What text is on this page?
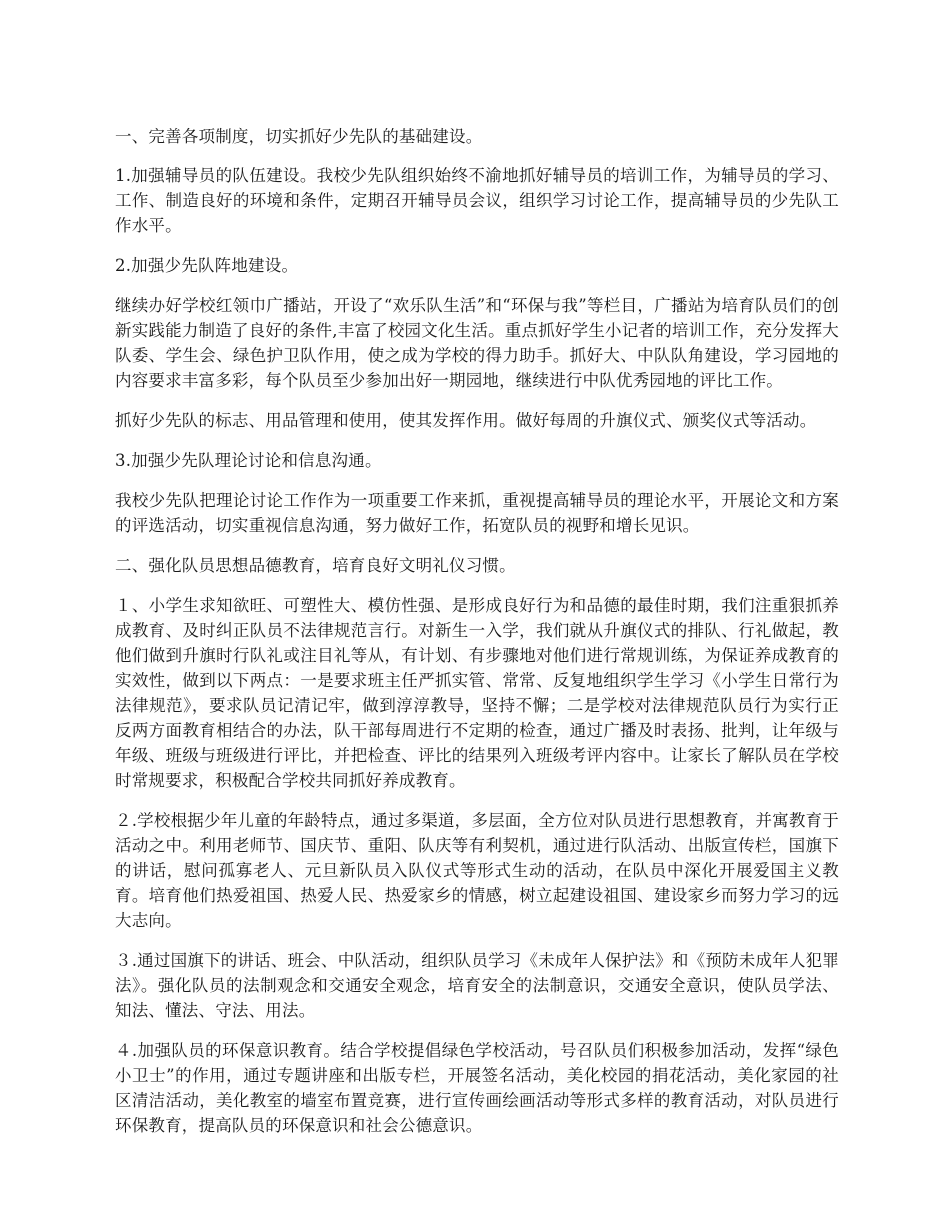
一、完善各项制度，切实抓好少先队的基础建设。

1.加强辅导员的队伍建设。我校少先队组织始终不渝地抓好辅导员的培训工作，为辅导员的学习、工作、制造良好的环境和条件，定期召开辅导员会议，组织学习讨论工作，提高辅导员的少先队工作水平。

2.加强少先队阵地建设。

继续办好学校红领巾广播站，开设了“欢乐队生活”和“环保与我”等栏目，广播站为培育队员们的创新实践能力制造了良好的条件,丰富了校园文化生活。重点抓好学生小记者的培训工作，充分发挥大队委、学生会、绿色护卫队作用，使之成为学校的得力助手。抓好大、中队队角建设，学习园地的内容要求丰富多彩，每个队员至少参加出好一期园地，继续进行中队优秀园地的评比工作。

抓好少先队的标志、用品管理和使用，使其发挥作用。做好每周的升旗仪式、颁奖仪式等活动。

3.加强少先队理论讨论和信息沟通。

我校少先队把理论讨论工作作为一项重要工作来抓，重视提高辅导员的理论水平，开展论文和方案的评选活动，切实重视信息沟通，努力做好工作，拓宽队员的视野和增长见识。

二、强化队员思想品德教育，培育良好文明礼仪习惯。

１、小学生求知欲旺、可塑性大、模仿性强、是形成良好行为和品德的最佳时期，我们注重狠抓养成教育、及时纠正队员不法律规范言行。对新生一入学，我们就从升旗仪式的排队、行礼做起，教他们做到升旗时行队礼或注目礼等从，有计划、有步骤地对他们进行常规训练，为保证养成教育的实效性，做到以下两点：一是要求班主任严抓实管、常常、反复地组织学生学习《小学生日常行为法律规范》，要求队员记清记牢，做到淳淳教导，坚持不懈；二是学校对法律规范队员行为实行正反两方面教育相结合的办法，队干部每周进行不定期的检查，通过广播及时表扬、批判，让年级与年级、班级与班级进行评比，并把检查、评比的结果列入班级考评内容中。让家长了解队员在学校时常规要求，积极配合学校共同抓好养成教育。

２.学校根据少年儿童的年龄特点，通过多渠道，多层面，全方位对队员进行思想教育，并寓教育于活动之中。利用老师节、国庆节、重阳、队庆等有利契机，通过进行队活动、出版宣传栏，国旗下的讲话，慰问孤寡老人、元旦新队员入队仪式等形式生动的活动，在队员中深化开展爱国主义教育。培育他们热爱祖国、热爱人民、热爱家乡的情感，树立起建设祖国、建设家乡而努力学习的远大志向。

３.通过国旗下的讲话、班会、中队活动，组织队员学习《未成年人保护法》和《预防未成年人犯罪法》。强化队员的法制观念和交通安全观念，培育安全的法制意识，交通安全意识，使队员学法、知法、懂法、守法、用法。

４.加强队员的环保意识教育。结合学校提倡绿色学校活动，号召队员们积极参加活动，发挥“绿色小卫士”的作用，通过专题讲座和出版专栏，开展签名活动，美化校园的捐花活动，美化家园的社区清洁活动，美化教室的墙室布置竞赛，进行宣传画绘画活动等形式多样的教育活动，对队员进行环保教育，提高队员的环保意识和社会公德意识。
